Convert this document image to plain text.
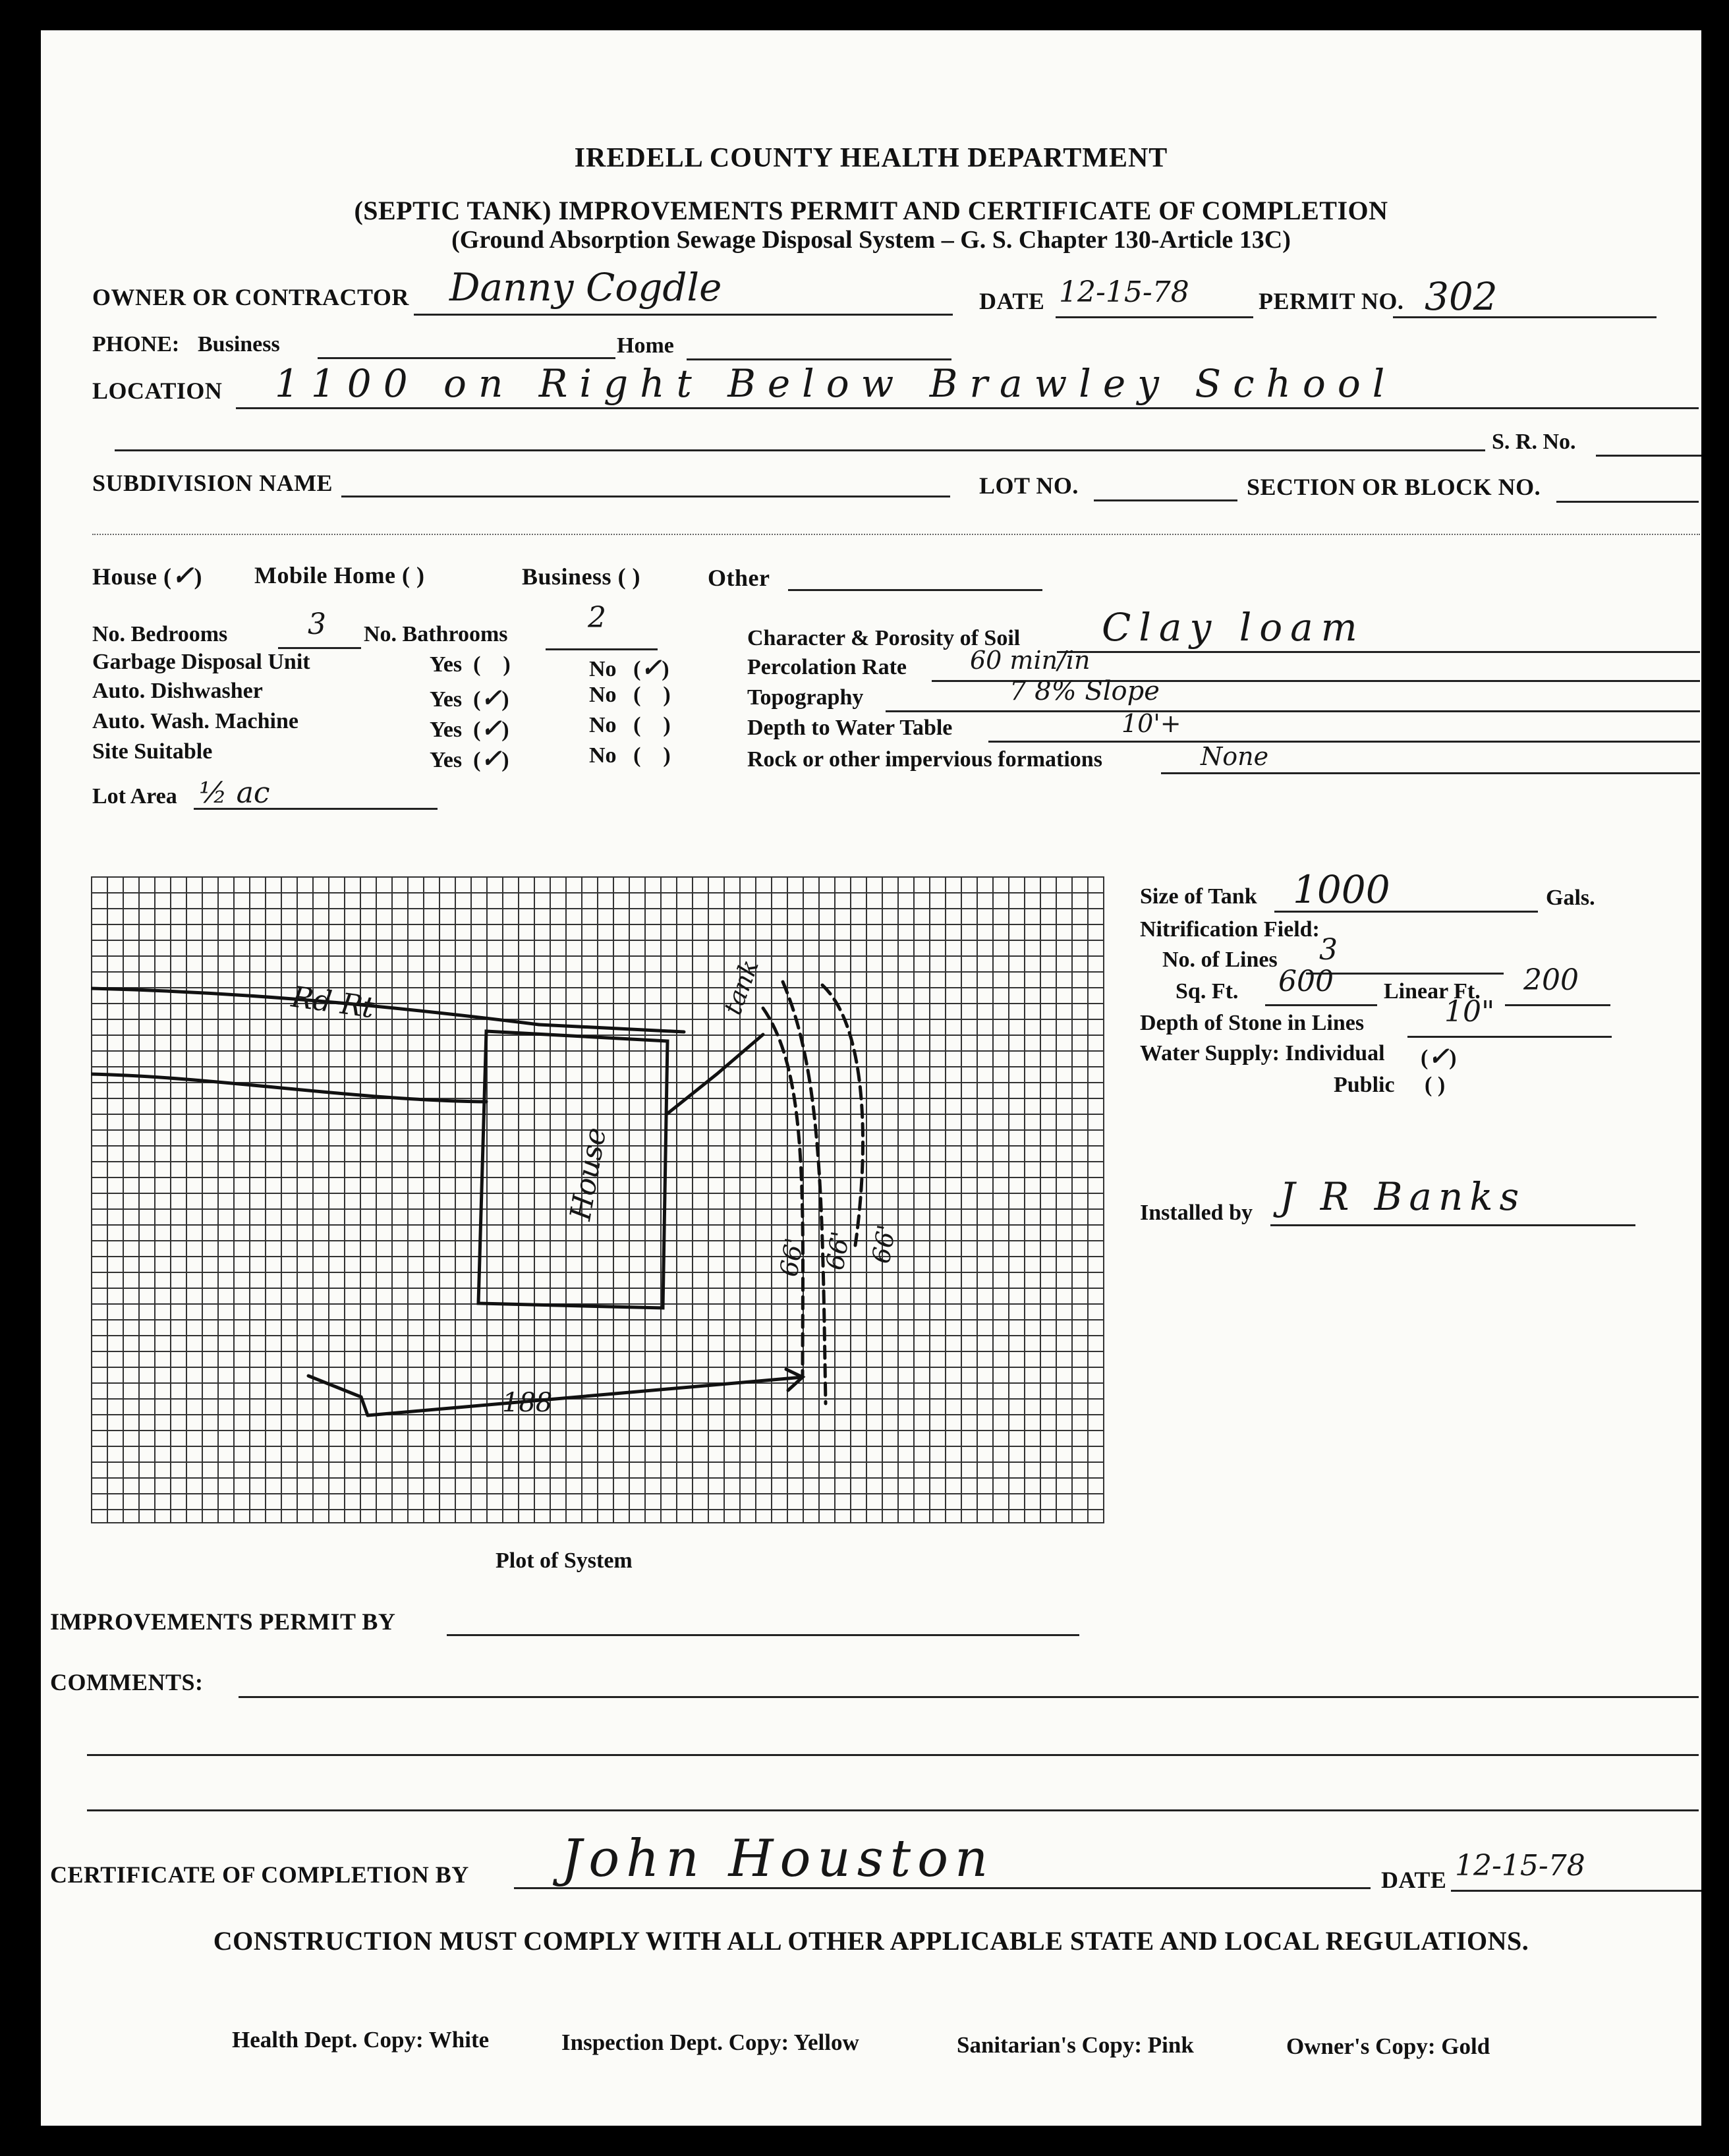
IREDELL COUNTY HEALTH DEPARTMENT
(SEPTIC TANK) IMPROVEMENTS PERMIT AND CERTIFICATE OF COMPLETION
(Ground Absorption Sewage Disposal System – G. S. Chapter 130-Article 13C)
OWNER OR CONTRACTOR Danny Cogdle	DATE 12-15-78	PERMIT NO. 302
PHONE: Business	Home
LOCATION 1100 on Right Below Brawley School
S. R. No.
SUBDIVISION NAME	LOT NO.	SECTION OR BLOCK NO.
House (✓) Mobile Home ( )	Business ( )	Other
No. Bedrooms	3 No. Bathrooms	2
Garbage Disposal Unit	Yes  (    )	No   (✓)
Auto. Dishwasher	Yes  (✓)	No   (    )
Auto. Wash. Machine	Yes  (✓)	No   (    )
Site Suitable	Yes  (✓)	No   (    )
Lot Area ½ ac
Character & Porosity of Soil Clay loam
Percolation Rate	60 min/in
Topography	7 8% Slope
Depth to Water Table	10'+
Rock or other impervious formations	None
Rd Rt
House
tank
66' 66' 66'
188
Plot of System
Size of Tank 1000	Gals.
Nitrification Field:
No. of Lines 3
Sq. Ft. 600 Linear Ft. 200
Depth of Stone in Lines	10"
Water Supply: Individual (✓)
Public ( )
Installed by J R Banks
IMPROVEMENTS PERMIT BY
COMMENTS:
CERTIFICATE OF COMPLETION BY John Houston	DATE 12-15-78
CONSTRUCTION MUST COMPLY WITH ALL OTHER APPLICABLE STATE AND LOCAL REGULATIONS.
Health Dept. Copy: White	Inspection Dept. Copy: Yellow	Sanitarian's Copy: Pink	Owner's Copy: Gold
